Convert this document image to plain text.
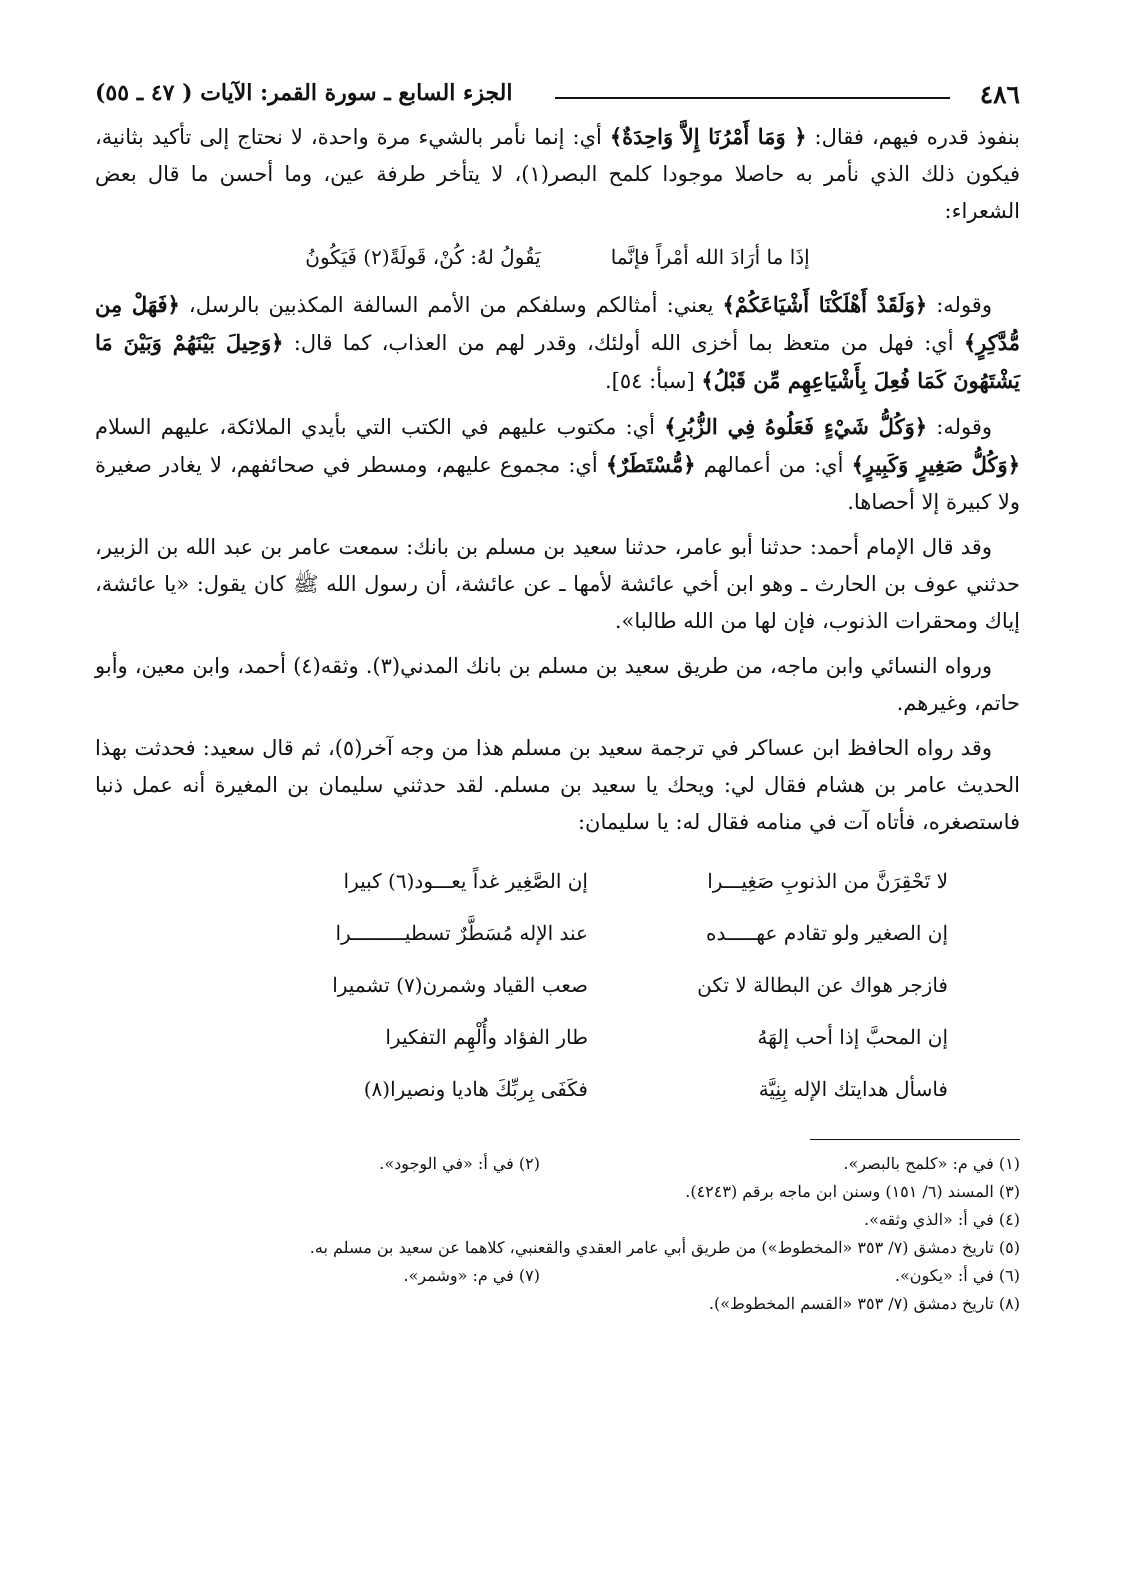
٤٨٦
الجزء السابع ـ سورة القمر: الآيات ( ٤٧ ـ ٥٥)

بنفوذ قدره فيهم، فقال: ﴿ وَمَا أَمْرُنَا إِلاَّ وَاحِدَةٌ﴾ أي: إنما نأمر بالشيء مرة واحدة، لا نحتاج إلى تأكيد بثانية، فيكون ذلك الذي نأمر به حاصلا موجودا كلمح البصر(١)، لا يتأخر طرفة عين، وما أحسن ما قال بعض الشعراء:

إذَا ما أرَادَ الله أمْراً فإنَّما
يَقُولُ لهُ: كُنْ، قَولَةً(٢) فَيَكُونُ

وقوله: ﴿وَلَقَدْ أَهْلَكْنَا أَشْيَاعَكُمْ﴾ يعني: أمثالكم وسلفكم من الأمم السالفة المكذبين بالرسل، ﴿فَهَلْ مِن مُّدَّكِرٍ﴾ أي: فهل من متعظ بما أخزى الله أولئك، وقدر لهم من العذاب، كما قال: ﴿وَحِيلَ بَيْنَهُمْ وَبَيْنَ مَا يَشْتَهُونَ كَمَا فُعِلَ بِأَشْيَاعِهِم مِّن قَبْلُ﴾ [سبأ: ٥٤].

وقوله: ﴿وَكُلُّ شَيْءٍ فَعَلُوهُ فِي الزُّبُرِ﴾ أي: مكتوب عليهم في الكتب التي بأيدي الملائكة، عليهم السلام ﴿وَكُلُّ صَغِيرٍ وَكَبِيرٍ﴾ أي: من أعمالهم ﴿مُّسْتَطَرٌ﴾ أي: مجموع عليهم، ومسطر في صحائفهم، لا يغادر صغيرة ولا كبيرة إلا أحصاها.

وقد قال الإمام أحمد: حدثنا أبو عامر، حدثنا سعيد بن مسلم بن بانك: سمعت عامر بن عبد الله بن الزبير، حدثني عوف بن الحارث ـ وهو ابن أخي عائشة لأمها ـ عن عائشة، أن رسول الله ﷺ كان يقول: «يا عائشة، إياك ومحقرات الذنوب، فإن لها من الله طالبا».

ورواه النسائي وابن ماجه، من طريق سعيد بن مسلم بن بانك المدني(٣). وثقه(٤) أحمد، وابن معين، وأبو حاتم، وغيرهم.

وقد رواه الحافظ ابن عساكر في ترجمة سعيد بن مسلم هذا من وجه آخر(٥)، ثم قال سعيد: فحدثت بهذا الحديث عامر بن هشام فقال لي: ويحك يا سعيد بن مسلم. لقد حدثني سليمان بن المغيرة أنه عمل ذنبا فاستصغره، فأتاه آت في منامه فقال له: يا سليمان:

لا تَحْقِرَنَّ من الذنوبِ صَغِيـــرا
إن الصَّغِير غداً يعـــود(٦) كبيرا
إن الصغير ولو تقادم عهـــــده
عند الإله مُسَطَّرٌ تسطيـــــــــرا
فازجر هواك عن البطالة لا تكن
صعب القياد وشمرن(٧) تشميرا
إن المحبَّ إذا أحب إلهَهُ
طار الفؤاد وأُلْهِم التفكيرا
فاسأل هدايتك الإله بِنِيَّة
فكَفَى بِربِّكَ هاديا ونصيرا(٨)
(١) في م: «كلمح بالبصر».
(٢) في أ: «في الوجود».
(٣) المسند (٦/ ١٥١) وسنن ابن ماجه برقم (٤٢٤٣).
(٤) في أ: «الذي وثقه».
(٥) تاريخ دمشق (٧/ ٣٥٣ «المخطوط») من طريق أبي عامر العقدي والقعنبي، كلاهما عن سعيد بن مسلم به.
(٦) في أ: «يكون».
(٧) في م: «وشمر».
(٨) تاريخ دمشق (٧/ ٣٥٣ «القسم المخطوط»).
